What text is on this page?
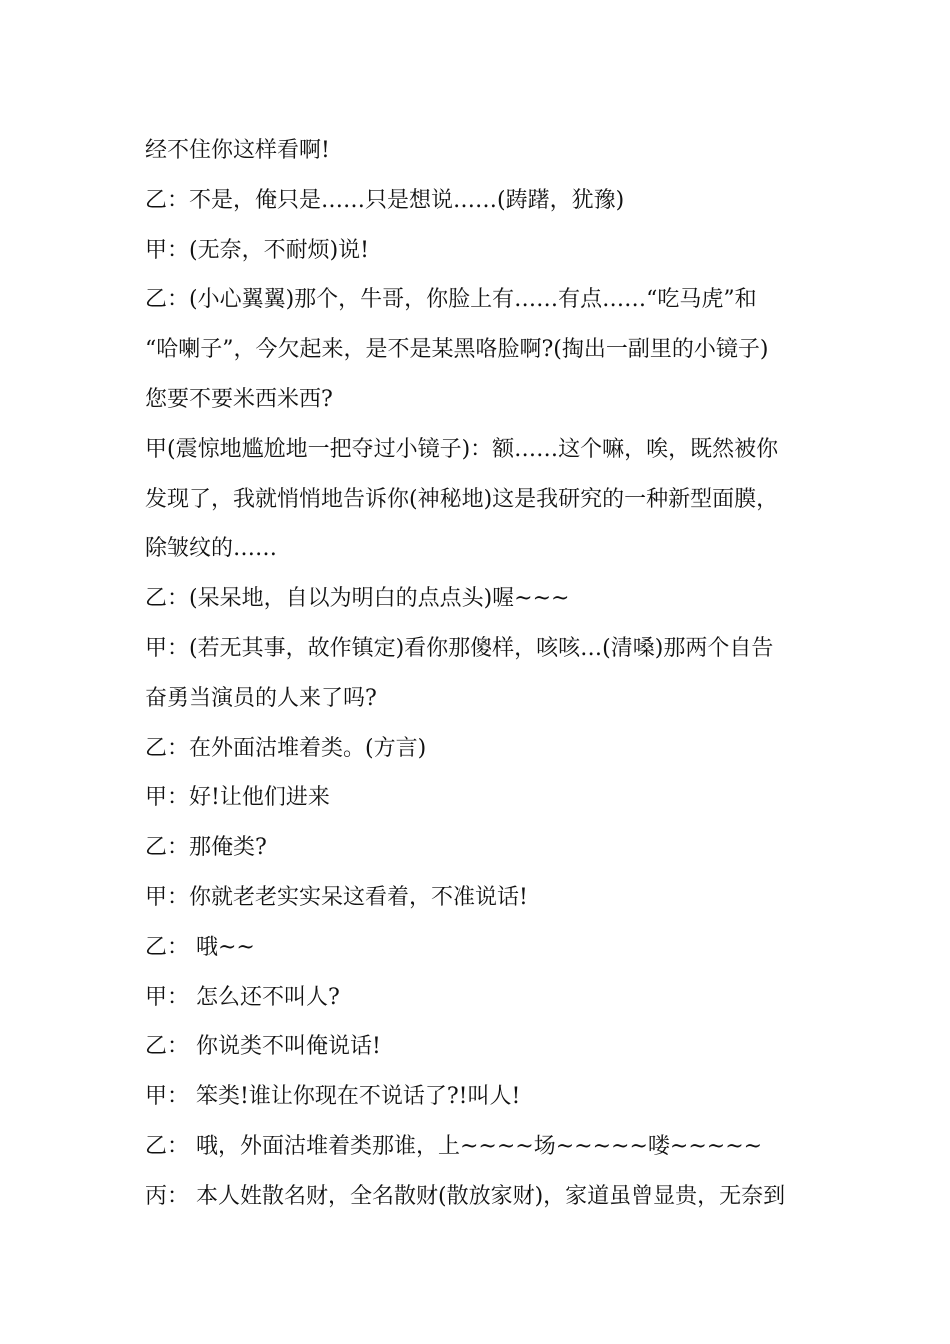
经不住你这样看啊!
乙：不是，俺只是……只是想说……(踌躇，犹豫)
甲：(无奈，不耐烦)说!
乙：(小心翼翼)那个，牛哥，你脸上有……有点……“吃马虎”和
“哈喇子”，今欠起来，是不是某黑咯脸啊?(掏出一副里的小镜子)
您要不要米西米西?
甲(震惊地尴尬地一把夺过小镜子)：额……这个嘛，唉，既然被你
发现了，我就悄悄地告诉你(神秘地)这是我研究的一种新型面膜，
除皱纹的……
乙：(呆呆地，自以为明白的点点头)喔~~~
甲：(若无其事，故作镇定)看你那傻样，咳咳…(清嗓)那两个自告
奋勇当演员的人来了吗?
乙：在外面沽堆着类。(方言)
甲：好!让他们进来
乙：那俺类?
甲：你就老老实实呆这看着，不准说话!
乙： 哦~~
甲： 怎么还不叫人?
乙： 你说类不叫俺说话!
甲： 笨类!谁让你现在不说话了?!叫人!
乙： 哦，外面沽堆着类那谁，上~~~~场~~~~~喽~~~~~
丙： 本人姓散名财，全名散财(散放家财)，家道虽曾显贵，无奈到
